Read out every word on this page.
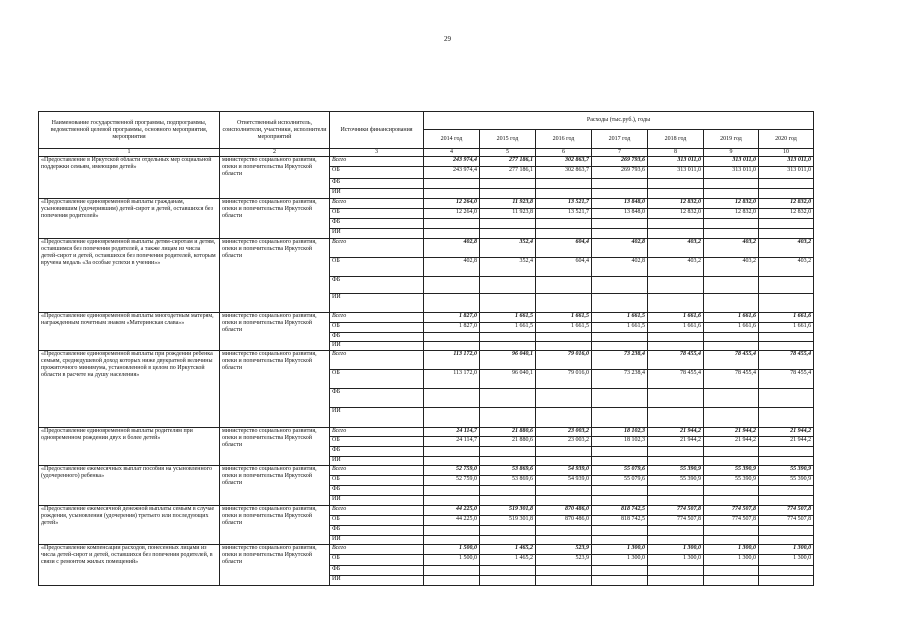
29
Наименование государственной программы, подпрограммы, ведомственной целевой программы, основного мероприятия, мероприятия	Ответственный исполнитель, соисполнители, участники, исполнители мероприятий	Источники финансирования	Расходы (тыс.руб.), годы						
			2014 год	2015 год	2016 год	2017 год	2018 год	2019 год	2020 год
1	2	3	4	5	6	7	8	9	10
«Предоставление в Иркутской области отдельных мер социальной поддержки семьям, имеющим детей»	министерство социального развития, опеки и попечительства Иркутской области	Всего	243 974,4	277 186,1	302 863,7	269 793,6	313 011,0	313 011,0	313 011,0
		ОБ	243 974,4	277 186,1	302 863,7	269 793,6	313 011,0	313 011,0	313 011,0
		ФБ							
		ИИ							
«Предоставление единовременной выплаты гражданам, усыновившим (удочерившим) детей-сирот и детей, оставшихся без попечения родителей»	министерство социального развития, опеки и попечительства Иркутской области	Всего	12 264,0	11 923,8	13 521,7	13 848,0	12 832,0	12 832,0	12 832,0
		ОБ	12 264,0	11 923,8	13 521,7	13 848,0	12 832,0	12 832,0	12 832,0
		ФБ							
		ИИ							
«Предоставление единовременной выплаты детям-сиротам и детям, оставшимся без попечения родителей, а также лицам из числа детей-сирот и детей, оставшихся без попечения родителей, которым вручена медаль «За особые успехи в учении»»	министерство социального развития, опеки и попечительства Иркутской области	Всего	402,8	352,4	604,4	402,8	403,2	403,2	403,2
		ОБ	402,8	352,4	604,4	402,8	403,2	403,2	403,2
		ФБ							
		ИИ							
«Предоставление единовременной выплаты многодетным матерям, награжденным почетным знаком «Материнская слава»»	министерство социального развития, опеки и попечительства Иркутской области	Всего	1 827,0	1 661,5	1 661,5	1 661,5	1 661,6	1 661,6	1 661,6
		ОБ	1 827,0	1 661,5	1 661,5	1 661,5	1 661,6	1 661,6	1 661,6
		ФБ							
		ИИ							
«Предоставление единовременной выплаты при рождении ребенка семьям, среднедушевой доход которых ниже двукратной величины прожиточного минимума, установленной в целом по Иркутской области в расчете на душу населения»	министерство социального развития, опеки и попечительства Иркутской области	Всего	113 172,0	96 040,1	79 016,0	73 238,4	78 455,4	78 455,4	78 455,4
		ОБ	113 172,0	96 040,1	79 016,0	73 238,4	78 455,4	78 455,4	78 455,4
		ФБ							
		ИИ							
«Предоставление единовременной выплаты родителям при одновременном рождении двух и более детей»	министерство социального развития, опеки и попечительства Иркутской области	Всего	24 114,7	21 880,6	23 003,2	18 102,3	21 944,2	21 944,2	21 944,2
		ОБ	24 114,7	21 880,6	23 003,2	18 102,3	21 944,2	21 944,2	21 944,2
		ФБ							
		ИИ							
«Предоставление ежемесячных выплат пособия на усыновленного (удочеренного) ребенка»	министерство социального развития, опеки и попечительства Иркутской области	Всего	52 759,0	53 869,6	54 939,0	55 079,6	55 390,9	55 390,9	55 390,9
		ОБ	52 759,0	53 869,6	54 939,0	55 079,6	55 390,9	55 390,9	55 390,9
		ФБ							
		ИИ							
«Предоставление ежемесячной денежной выплаты семьям в случае рождения, усыновления (удочерения) третьего или последующих детей»	министерство социального развития, опеки и попечительства Иркутской области	Всего	44 225,0	519 301,8	870 486,0	818 742,5	774 507,8	774 507,8	774 507,8
		ОБ	44 225,0	519 301,8	870 486,0	818 742,5	774 507,8	774 507,8	774 507,8
		ФБ							
		ИИ							
«Предоставление компенсации расходов, понесенных лицами из числа детей-сирот и детей, оставшихся без попечения родителей, в связи с ремонтом жилых помещений»	министерство социального развития, опеки и попечительства Иркутской области	Всего	1 500,0	1 465,2	523,9	1 300,0	1 300,0	1 300,0	1 300,0
		ОБ	1 500,0	1 465,2	523,9	1 300,0	1 300,0	1 300,0	1 300,0
		ФБ							
		ИИ							
